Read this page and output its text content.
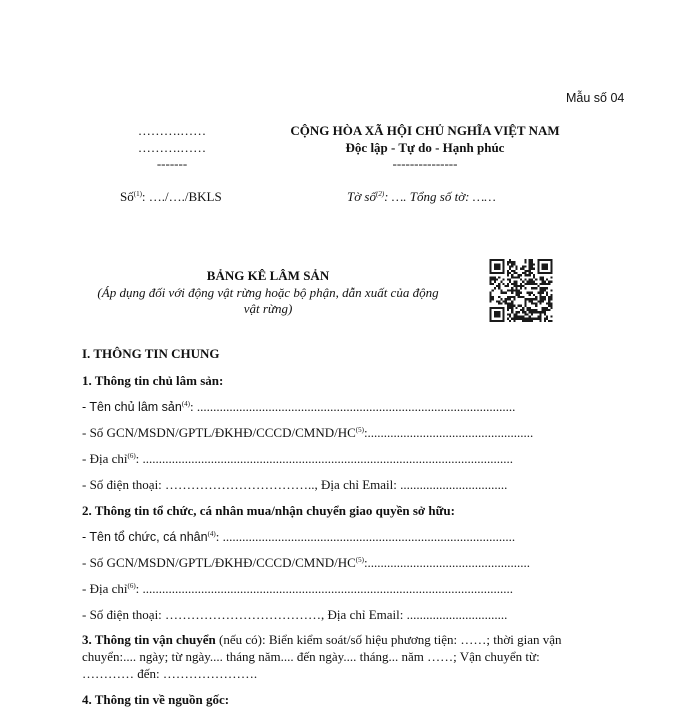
Mẫu số 04
……….……
……….……
-------
CỘNG HÒA XÃ HỘI CHỦ NGHĨA VIỆT NAM
Độc lập - Tự do - Hạnh phúc
---------------
Số$^{(1)}$: …./…./BKLS	Tờ số$^{(2)}$: …. Tổng số tờ: ……
BẢNG KÊ LÂM SẢN
(Áp dụng đối với động vật rừng hoặc bộ phận, dẫn xuất của động
vật rừng)
I. THÔNG TIN CHUNG
1. Thông tin chủ lâm sản:
- Tên chủ lâm sản$^{(4)}$: ..................................................................................................
- Số GCN/MSDN/GPTL/ĐKHĐ/CCCD/CMND/HC$^{(5)}$:...................................................
- Địa chỉ$^{(6)}$: ..................................................................................................................
- Số điện thoại: …………………………….., Địa chỉ Email: .................................
2. Thông tin tổ chức, cá nhân mua/nhận chuyển giao quyền sở hữu:
- Tên tổ chức, cá nhân$^{(4)}$: ..........................................................................................
- Số GCN/MSDN/GPTL/ĐKHĐ/CCCD/CMND/HC$^{(5)}$:..................................................
- Địa chỉ$^{(6)}$: ..................................................................................................................
- Số điện thoại: ………………………………, Địa chỉ Email: ...............................
3. Thông tin vận chuyển (nếu có): Biển kiểm soát/số hiệu phương tiện: ……; thời gian vận
chuyển:.... ngày; từ ngày.... tháng năm.... đến ngày.... tháng... năm ……; Vận chuyển từ:
………… đến: ………………….
4. Thông tin về nguồn gốc:
